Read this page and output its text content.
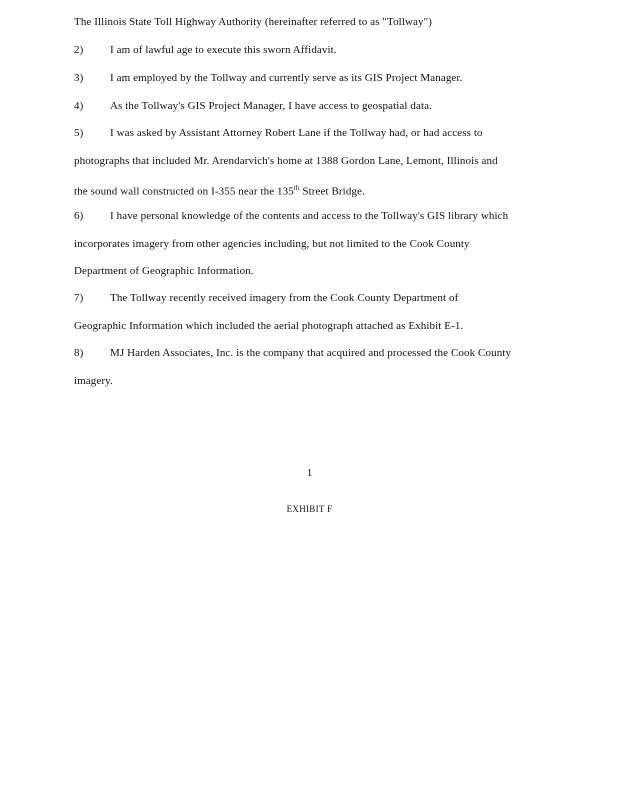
The Illinois State Toll Highway Authority (hereinafter referred to as "Tollway")
2) I am of lawful age to execute this sworn Affidavit.
3) I am employed by the Tollway and currently serve as its GIS Project Manager.
4) As the Tollway's GIS Project Manager, I have access to geospatial data.
5) I was asked by Assistant Attorney Robert Lane if the Tollway had, or had access to
photographs that included Mr. Arendarvich's home at 1388 Gordon Lane, Lemont, Illinois and
the sound wall constructed on I-355 near the 135th Street Bridge.
6) I have personal knowledge of the contents and access to the Tollway's GIS library which
incorporates imagery from other agencies including, but not limited to the Cook County
Department of Geographic Information.
7) The Tollway recently received imagery from the Cook County Department of
Geographic Information which included the aerial photograph attached as Exhibit E-1.
8) MJ Harden Associates, Inc. is the company that acquired and processed the Cook County
imagery.
1
EXHIBIT F
